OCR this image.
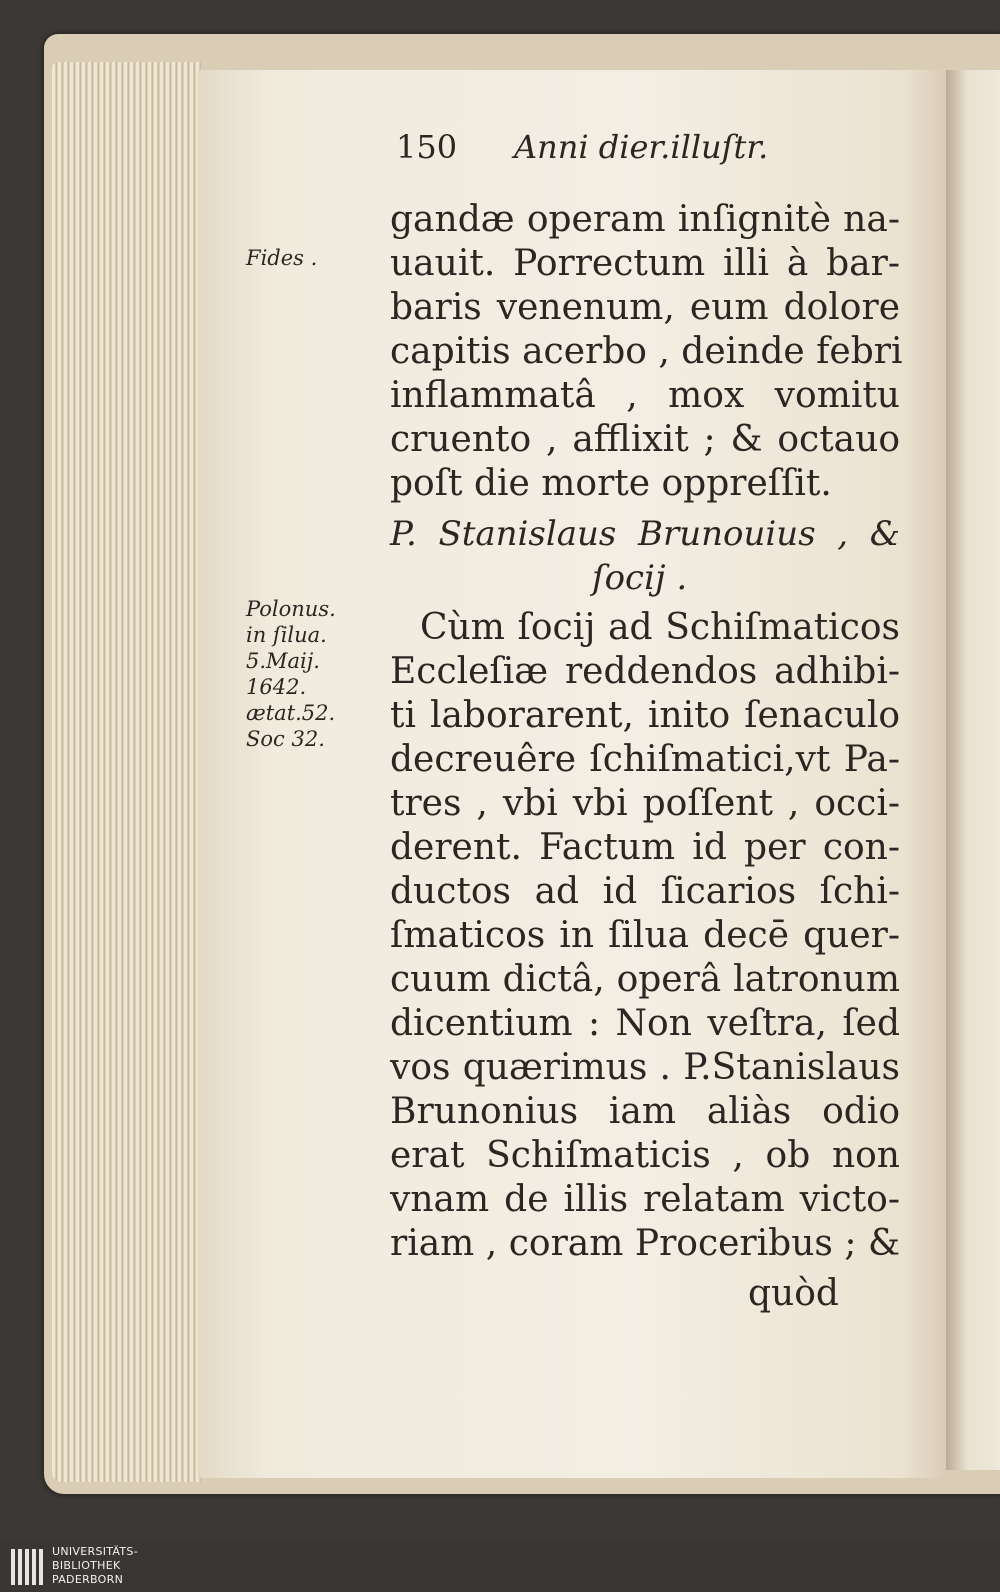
150 Anni dier.illuſtr.
Fides .
Polonus.
in ſilua.
5.Maij.
1642.
ætat.52.
Soc 32.
gandæ operam inſignitè na-
uauit. Porrectum illi à bar-
baris venenum, eum dolore
capitis acerbo , deinde febri
inflammatâ , mox vomitu
cruento , afflixit ; & octauo
poſt die morte oppreſſit.
P. Stanislaus Brunouius , &
ſocij .
Cùm ſocij ad Schiſmaticos
Eccleſiæ reddendos adhibi-
ti laborarent, inito ſenaculo
decreuêre ſchiſmatici,vt Pa-
tres , vbi vbi poſſent , occi-
derent. Factum id per con-
ductos ad id ſicarios ſchi-
ſmaticos in ſilua decē quer-
cuum dictâ, operâ latronum
dicentium : Non veſtra, ſed
vos quærimus . P.Stanislaus
Brunonius iam aliàs odio
erat Schiſmaticis , ob non
vnam de illis relatam victo-
riam , coram Proceribus ; &
quòd
UNIVERSITÄTS-
BIBLIOTHEK
PADERBORN
